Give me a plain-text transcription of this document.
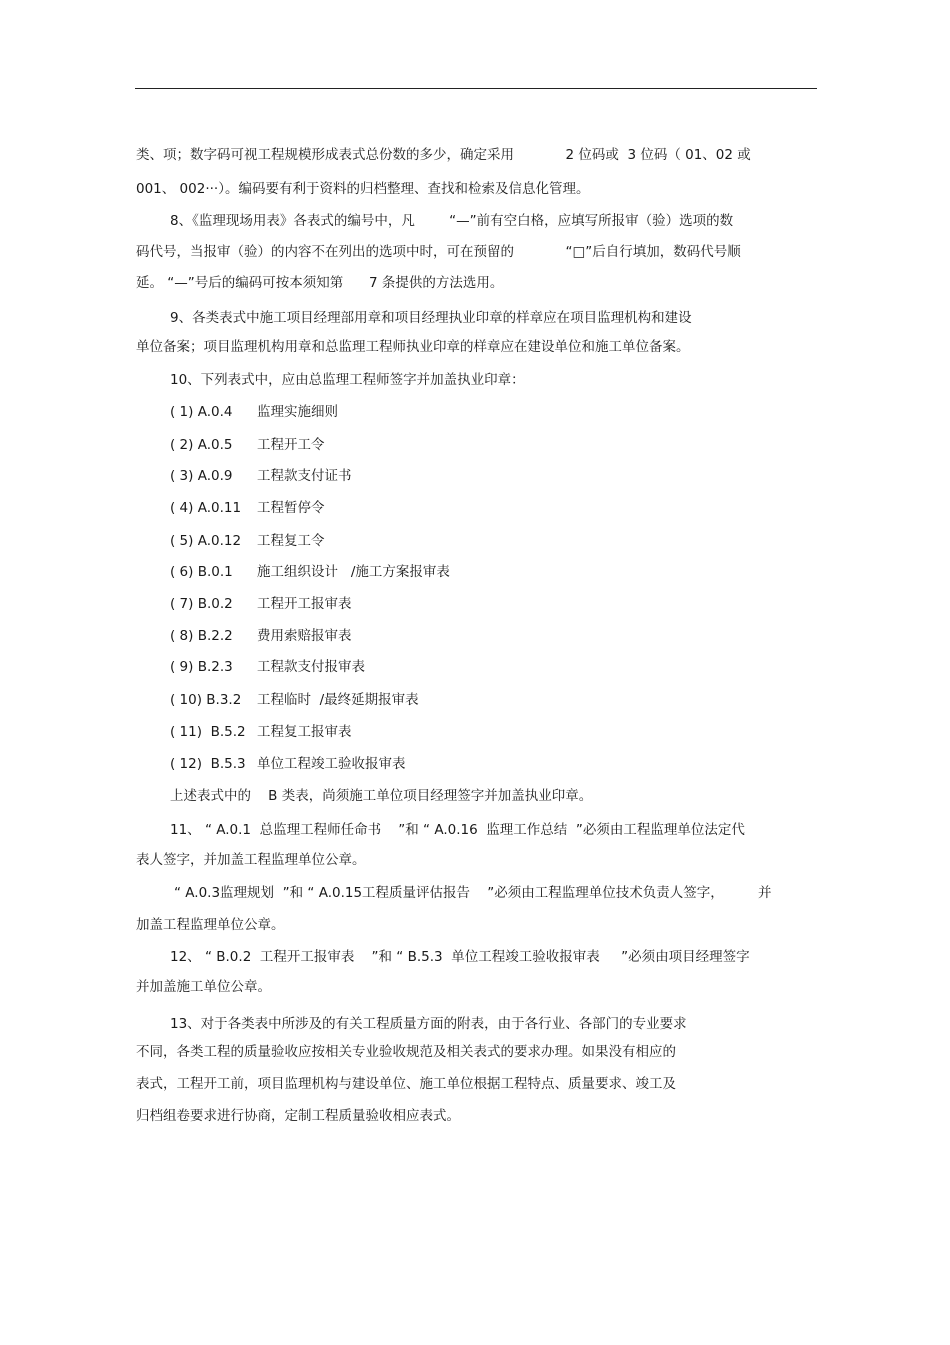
类、项；数字码可视工程规模形成表式总份数的多少，确定采用            2 位码或  3 位码（ 01、02 或
001、 002···）。编码要有利于资料的归档整理、查找和检索及信息化管理。
8、《监理现场用表》各表式的编号中，凡        “—”前有空白格，应填写所报审（验）选项的数
码代号，当报审（验）的内容不在列出的选项中时，可在预留的            “□”后自行填加，数码代号顺
延。 “—”号后的编码可按本须知第      7 条提供的方法选用。
9、各类表式中施工项目经理部用章和项目经理执业印章的样章应在项目监理机构和建设
单位备案；项目监理机构用章和总监理工程师执业印章的样章应在建设单位和施工单位备案。
10、下列表式中，应由总监理工程师签字并加盖执业印章：
( 1) A.0.4 监理实施细则
( 2) A.0.5 工程开工令
( 3) A.0.9 工程款支付证书
( 4) A.0.11 工程暂停令
( 5) A.0.12 工程复工令
( 6) B.0.1 施工组织设计   /施工方案报审表
( 7) B.0.2 工程开工报审表
( 8) B.2.2 费用索赔报审表
( 9) B.2.3 工程款支付报审表
( 10) B.3.2 工程临时  /最终延期报审表
( 11)  B.5.2 工程复工报审表
( 12)  B.5.3 单位工程竣工验收报审表
上述表式中的    B 类表，尚须施工单位项目经理签字并加盖执业印章。
11、 “ A.0.1  总监理工程师任命书    ”和 “ A.0.16  监理工作总结  ”必须由工程监理单位法定代
表人签字，并加盖工程监理单位公章。
“ A.0.3监理规划  ”和 “ A.0.15工程质量评估报告    ”必须由工程监理单位技术负责人签字，        并
加盖工程监理单位公章。
12、 “ B.0.2  工程开工报审表    ”和 “ B.5.3  单位工程竣工验收报审表     ”必须由项目经理签字
并加盖施工单位公章。
13、对于各类表中所涉及的有关工程质量方面的附表，由于各行业、各部门的专业要求
不同，各类工程的质量验收应按相关专业验收规范及相关表式的要求办理。如果没有相应的
表式，工程开工前，项目监理机构与建设单位、施工单位根据工程特点、质量要求、竣工及
归档组卷要求进行协商，定制工程质量验收相应表式。
